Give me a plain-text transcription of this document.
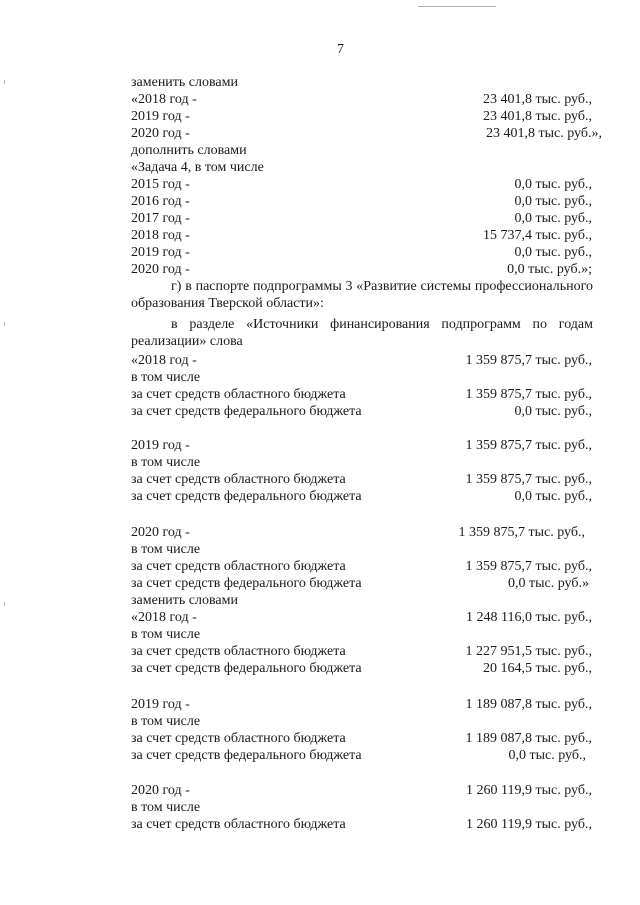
7
заменить словами
«2018 год -	23 401,8 тыс. руб.,
2019 год -	23 401,8 тыс. руб.,
2020 год -	23 401,8 тыс. руб.»,
дополнить словами
«Задача 4, в том числе
2015 год -	0,0 тыс. руб.,
2016 год -	0,0 тыс. руб.,
2017 год -	0,0 тыс. руб.,
2018 год -	15 737,4 тыс. руб.,
2019 год -	0,0 тыс. руб.,
2020 год -	0,0 тыс. руб.»;
г) в паспорте подпрограммы 3 «Развитие системы профессионального образования Тверской области»:
в разделе «Источники финансирования подпрограмм по годам реализации» слова
«2018 год -	1 359 875,7 тыс. руб.,
в том числе
за счет средств областного бюджета	1 359 875,7 тыс. руб.,
за счет средств федерального бюджета	0,0 тыс. руб.,
2019 год -	1 359 875,7 тыс. руб.,
в том числе
за счет средств областного бюджета	1 359 875,7 тыс. руб.,
за счет средств федерального бюджета	0,0 тыс. руб.,
2020 год -	1 359 875,7 тыс. руб.,
в том числе
за счет средств областного бюджета	1 359 875,7 тыс. руб.,
за счет средств федерального бюджета	0,0 тыс. руб.»
заменить словами
«2018 год -	1 248 116,0 тыс. руб.,
в том числе
за счет средств областного бюджета	1 227 951,5 тыс. руб.,
за счет средств федерального бюджета	20 164,5 тыс. руб.,
2019 год -	1 189 087,8 тыс. руб.,
в том числе
за счет средств областного бюджета	1 189 087,8 тыс. руб.,
за счет средств федерального бюджета	0,0 тыс. руб.,
2020 год -	1 260 119,9 тыс. руб.,
в том числе
за счет средств областного бюджета	1 260 119,9 тыс. руб.,
